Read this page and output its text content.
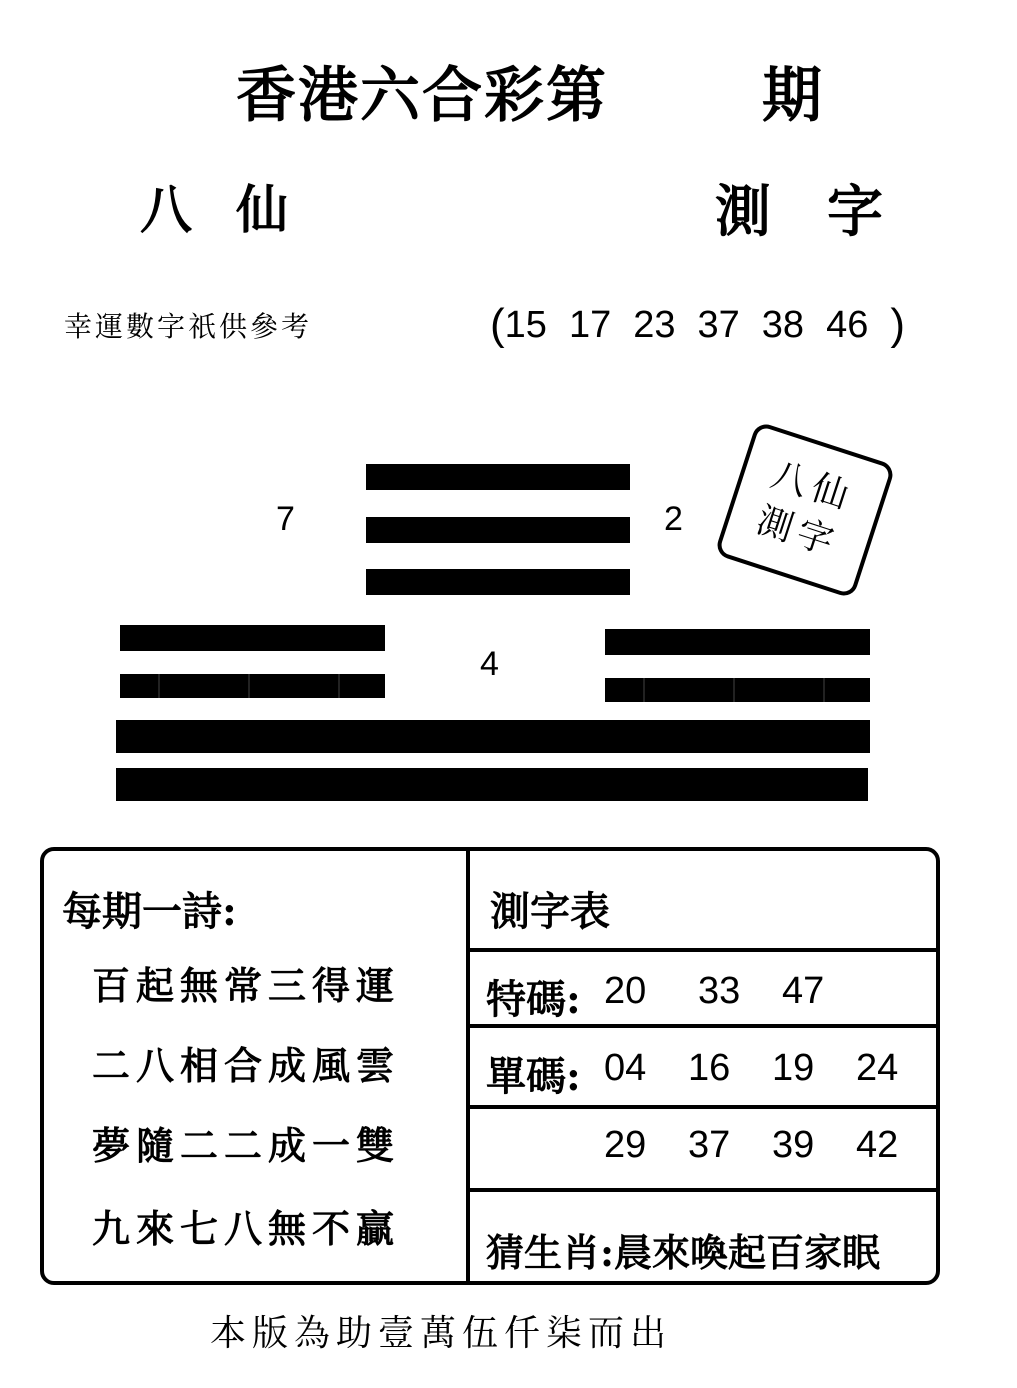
香港六合彩第	期
八仙	測字
幸運數字祇供參考	( 15 17 23 37 38 46 )
7	2 八仙
測字
4
每期一詩:
百起無常三得運
二八相合成風雲
夢隨二二成一雙
九來七八無不贏
測字表
特碼: 20	33	47
單碼: 04	16	19	24
29	37	39	42
猜生肖:晨來喚起百家眠
本版為助壹萬伍仟柒而出
